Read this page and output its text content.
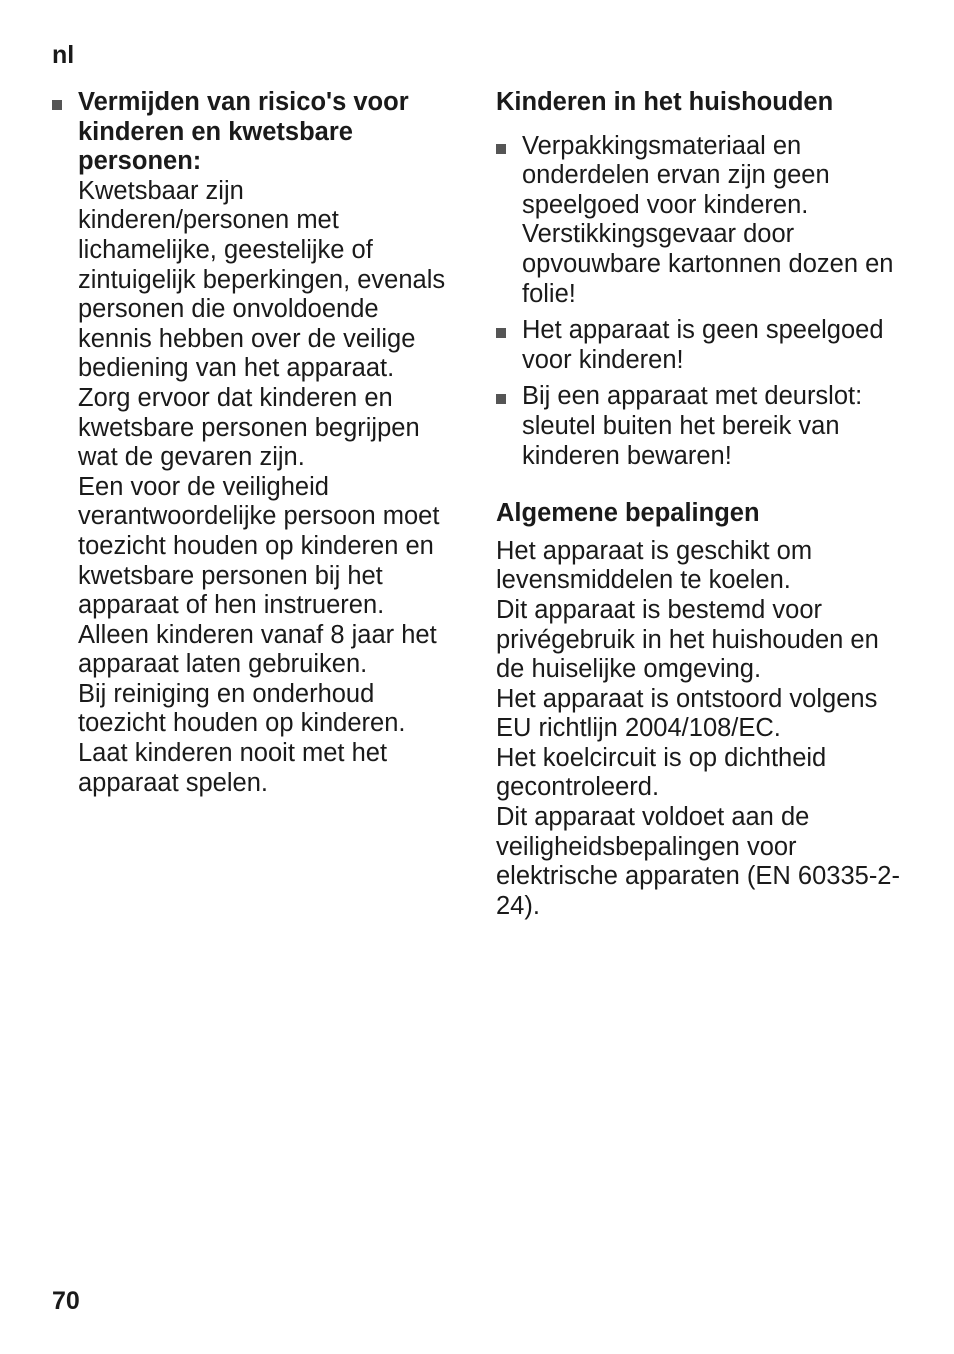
nl
Vermijden van risico's voor kinderen en kwetsbare personen:

Kwetsbaar zijn kinderen/personen met lichamelijke, geestelijke of zintuigelijk beperkingen, evenals personen die onvoldoende kennis hebben over de veilige bediening van het apparaat.

Zorg ervoor dat kinderen en kwetsbare personen begrijpen wat de gevaren zijn.

Een voor de veiligheid verantwoordelijke persoon moet toezicht houden op kinderen en kwetsbare personen bij het apparaat of hen instrueren.

Alleen kinderen vanaf 8 jaar het apparaat laten gebruiken.

Bij reiniging en onderhoud toezicht houden op kinderen.

Laat kinderen nooit met het apparaat spelen.

Kinderen in het huishouden
Verpakkingsmateriaal en onderdelen ervan zijn geen speelgoed voor kinderen. Verstikkingsgevaar door opvouwbare kartonnen dozen en folie!
Het apparaat is geen speelgoed voor kinderen!
Bij een apparaat met deurslot: sleutel buiten het bereik van kinderen bewaren!
Algemene bepalingen

Het apparaat is geschikt om levensmiddelen te koelen.

Dit apparaat is bestemd voor privégebruik in het huishouden en de huiselijke omgeving.

Het apparaat is ontstoord volgens EU richtlijn 2004/108/EC.

Het koelcircuit is op dichtheid gecontroleerd.

Dit apparaat voldoet aan de veiligheidsbepalingen voor elektrische apparaten (EN 60335-2-24).

70
